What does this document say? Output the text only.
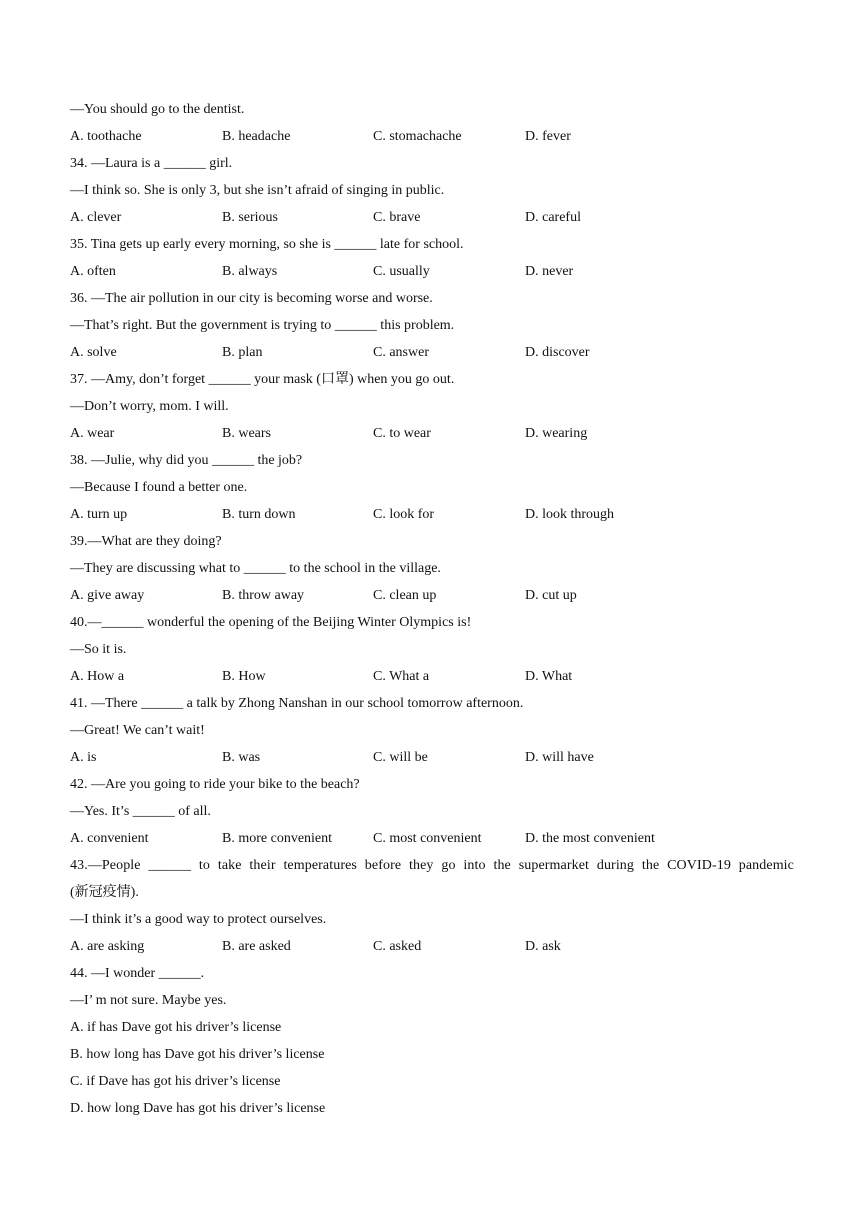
—You should go to the dentist.
A. toothache	B. headache	C. stomachache	D. fever
34. —Laura is a ______ girl.
—I think so. She is only 3, but she isn’t afraid of singing in public.
A. clever	B. serious	C. brave	D. careful
35. Tina gets up early every morning, so she is ______ late for school.
A. often	B. always	C. usually	D. never
36. —The air pollution in our city is becoming worse and worse.
—That’s right. But the government is trying to ______ this problem.
A. solve	B. plan	C. answer	D. discover
37. —Amy, don’t forget ______ your mask (口罩) when you go out.
—Don’t worry, mom. I will.
A. wear	B. wears	C. to wear	D. wearing
38. —Julie, why did you ______ the job?
—Because I found a better one.
A. turn up	B. turn down	C. look for	D. look through
39.—What are they doing?
—They are discussing what to ______ to the school in the village.
A. give away	B. throw away	C. clean up	D. cut up
40.—______ wonderful the opening of the Beijing Winter Olympics is!
—So it is.
A. How a	B. How	C. What a	D. What
41. —There ______ a talk by Zhong Nanshan in our school tomorrow afternoon.
—Great! We can’t wait!
A. is	B. was	C. will be	D. will have
42. —Are you going to ride your bike to the beach?
—Yes. It’s ______ of all.
A. convenient	B. more convenient	C. most convenient	D. the most convenient
43.—People ______ to take their temperatures before they go into the supermarket during the COVID-19 pandemic
(新冠疫情).
—I think it’s a good way to protect ourselves.
A. are asking	B. are asked	C. asked	D. ask
44. —I wonder ______.
—I’ m not sure. Maybe yes.
A. if has Dave got his driver’s license
B. how long has Dave got his driver’s license
C. if Dave has got his driver’s license
D. how long Dave has got his driver’s license
